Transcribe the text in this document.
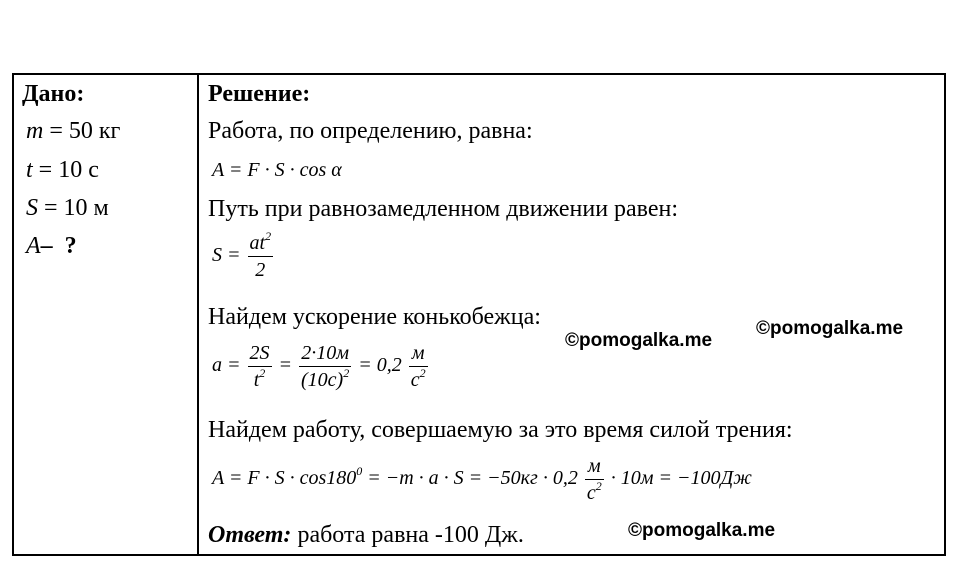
Дано:
m = 50 кг
t = 10 с
S = 10 м
A– ?
Решение:
Работа, по определению, равна:
A = F · S · cos α
Путь при равнозамедленном движении равен:
$S = \frac{at^2}{2}$
Найдем ускорение конькобежца:
$a = \frac{2S}{t^2} = \frac{2\cdot 10м}{(10с)^2} = 0,2 \frac{м}{с^2}$
Найдем работу, совершаемую за это время силой трения:
$A = F \cdot S \cdot \cos 180^0 = -m \cdot a \cdot S = -50кг \cdot 0,2 \frac{м}{с^2} \cdot 10м = -100Дж$
Ответ: работа равна -100 Дж.
©pomogalka.me
©pomogalka.me
©pomogalka.me
